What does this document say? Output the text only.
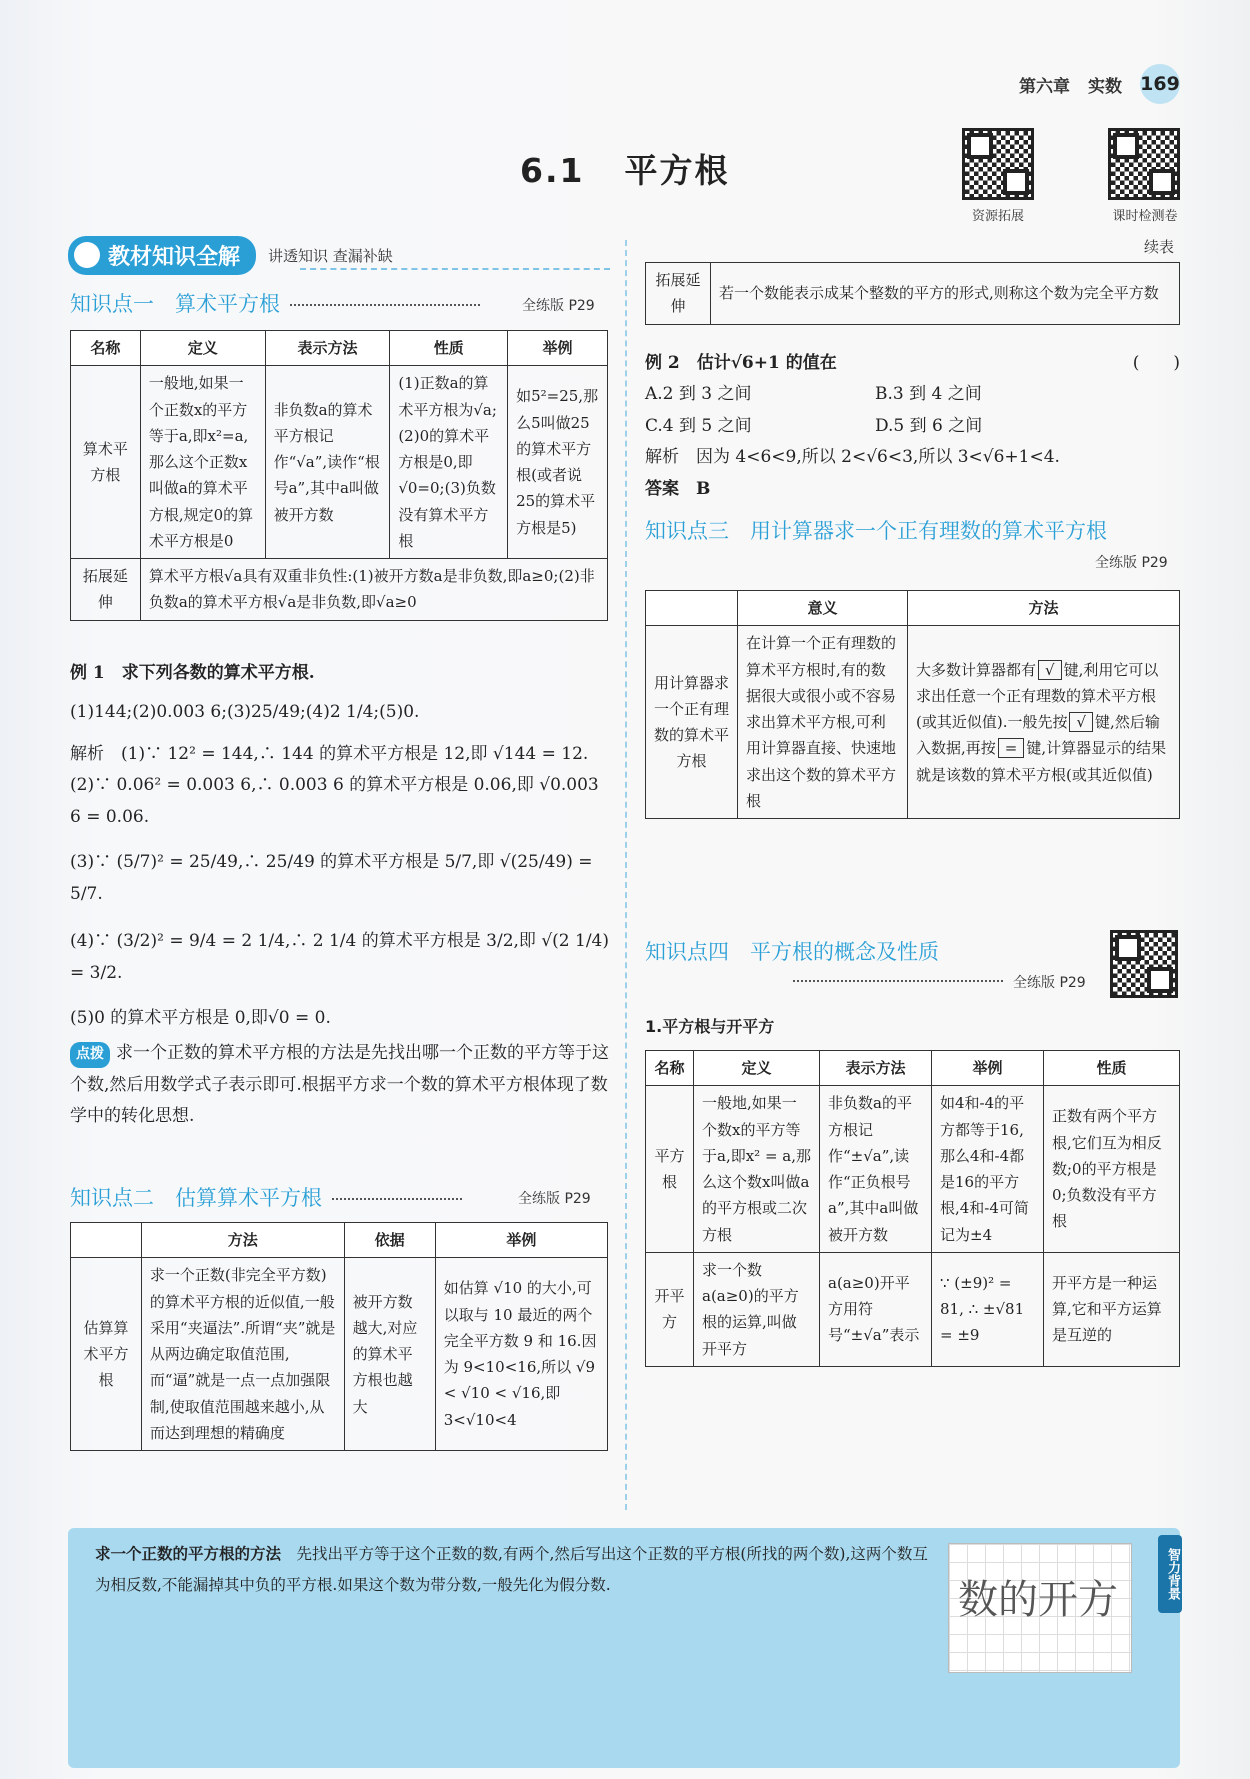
第六章 实数 169
6.1 平方根
资源拓展	课时检测卷
教材知识全解	讲透知识 查漏补缺
知识点一　算术平方根	全练版 P29
名称	定义	表示方法	性质	举例
算术平方根	一般地,如果一个正数x的平方等于a,即x²=a,那么这个正数x叫做a的算术平方根,规定0的算术平方根是0	非负数a的算术平方根记作“√a”,读作“根号a”,其中a叫做被开方数	(1)正数a的算术平方根为√a;(2)0的算术平方根是0,即√0=0;(3)负数没有算术平方根	如5²=25,那么5叫做25的算术平方根(或者说25的算术平方根是5)
拓展延伸	算术平方根√a具有双重非负性:(1)被开方数a是非负数,即a≥0;(2)非负数a的算术平方根√a是非负数,即√a≥0			
例 1　求下列各数的算术平方根.
(1)144;(2)0.003 6;(3)25/49;(4)2 1/4;(5)0.
解析　(1)∵ 12² = 144,∴ 144 的算术平方根是 12,即 √144 = 12.
(2)∵ 0.06² = 0.003 6,∴ 0.003 6 的算术平方根是 0.06,即 √0.003 6 = 0.06.
(3)∵ (5/7)² = 25/49,∴ 25/49 的算术平方根是 5/7,即 √(25/49) = 5/7.
(4)∵ (3/2)² = 9/4 = 2 1/4,∴ 2 1/4 的算术平方根是 3/2,即 √(2 1/4) = 3/2.
(5)0 的算术平方根是 0,即√0 = 0.
点拨 求一个正数的算术平方根的方法是先找出哪一个正数的平方等于这个数,然后用数学式子表示即可.根据平方求一个数的算术平方根体现了数学中的转化思想.
知识点二　估算算术平方根	全练版 P29
	方法	依据	举例
估算算术平方根	求一个正数(非完全平方数)的算术平方根的近似值,一般采用“夹逼法”.所谓“夹”就是从两边确定取值范围,而“逼”就是一点一点加强限制,使取值范围越来越小,从而达到理想的精确度	被开方数越大,对应的算术平方根也越大	如估算 √10 的大小,可以取与 10 最近的两个完全平方数 9 和 16.因为 9<10<16,所以 √9 < √10 < √16,即 3<√10<4
续表
拓展延伸	若一个数能表示成某个整数的平方的形式,则称这个数为完全平方数
例 2　估计√6+1 的值在	(　　)
A.2 到 3 之间	B.3 到 4 之间
C.4 到 5 之间	D.5 到 6 之间
解析　因为 4<6<9,所以 2<√6<3,所以 3<√6+1<4.
答案　B
知识点三　用计算器求一个正有理数的算术平方根
全练版 P29
	意义	方法
用计算器求一个正有理数的算术平方根	在计算一个正有理数的算术平方根时,有的数据很大或很小或不容易求出算术平方根,可利用计算器直接、快速地求出这个数的算术平方根	大多数计算器都有 √ 键,利用它可以求出任意一个正有理数的算术平方根(或其近似值).一般先按 √ 键,然后输入数据,再按 = 键,计算器显示的结果就是该数的算术平方根(或其近似值)
知识点四　平方根的概念及性质
全练版 P29
1.平方根与开平方
名称	定义	表示方法	举例	性质
平方根	一般地,如果一个数x的平方等于a,即x² = a,那么这个数x叫做a的平方根或二次方根	非负数a的平方根记作“±√a”,读作“正负根号a”,其中a叫做被开方数	如4和-4的平方都等于16,那么4和-4都是16的平方根,4和-4可简记为±4	正数有两个平方根,它们互为相反数;0的平方根是0;负数没有平方根
开平方	求一个数a(a≥0)的平方根的运算,叫做开平方	a(a≥0)开平方用符号“±√a”表示	∵ (±9)² = 81, ∴ ±√81 = ±9	开平方是一种运算,它和平方运算是互逆的
求一个正数的平方根的方法　 先找出平方等于这个正数的数,有两个,然后写出这个正数的平方根(所找的两个数),这两个数互为相反数,不能漏掉其中负的平方根.如果这个数为带分数,一般先化为假分数.	数的开方	智力背景
